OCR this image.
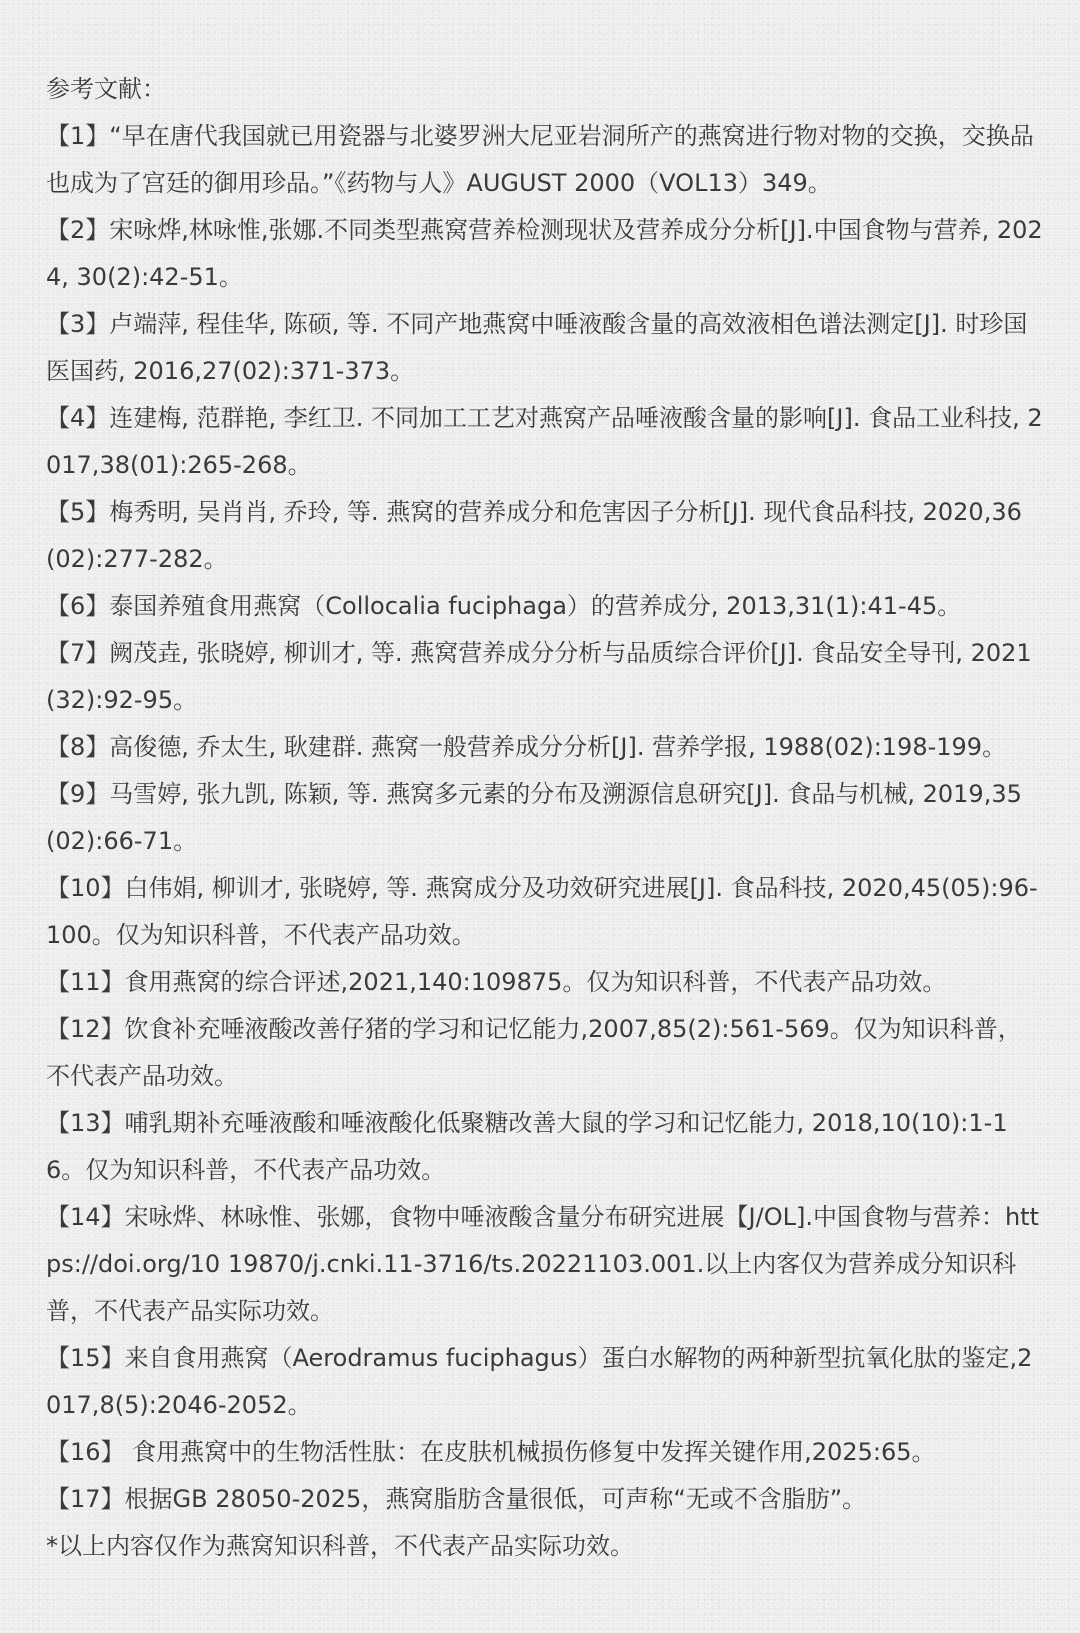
参考文献：

【1】“早在唐代我国就已用瓷器与北婆罗洲大尼亚岩洞所产的燕窝进行物对物的交换，交换品也成为了宫廷的御用珍品。”《药物与人》AUGUST 2000（VOL13）349。
【2】宋咏烨,林咏惟,张娜.不同类型燕窝营养检测现状及营养成分分析[J].中国食物与营养, 2024, 30(2):42-51。
【3】卢端萍, 程佳华, 陈硕, 等. 不同产地燕窝中唾液酸含量的高效液相色谱法测定[J]. 时珍国医国药, 2016,27(02):371-373。
【4】连建梅, 范群艳, 李红卫. 不同加工工艺对燕窝产品唾液酸含量的影响[J]. 食品工业科技, 2017,38(01):265-268。
【5】梅秀明, 吴肖肖, 乔玲, 等. 燕窝的营养成分和危害因子分析[J]. 现代食品科技, 2020,36(02):277-282。
【6】泰国养殖食用燕窝（Collocalia fuciphaga）的营养成分, 2013,31(1):41-45。
【7】阙茂垚, 张晓婷, 柳训才, 等. 燕窝营养成分分析与品质综合评价[J]. 食品安全导刊, 2021(32):92-95。
【8】高俊德, 乔太生, 耿建群. 燕窝一般营养成分分析[J]. 营养学报, 1988(02):198-199。
【9】马雪婷, 张九凯, 陈颖, 等. 燕窝多元素的分布及溯源信息研究[J]. 食品与机械, 2019,35(02):66-71。
【10】白伟娟, 柳训才, 张晓婷, 等. 燕窝成分及功效研究进展[J]. 食品科技, 2020,45(05):96-100。仅为知识科普，不代表产品功效。
【11】食用燕窝的综合评述,2021,140:109875。仅为知识科普，不代表产品功效。
【12】饮食补充唾液酸改善仔猪的学习和记忆能力,2007,85(2):561-569。仅为知识科普，不代表产品功效。
【13】哺乳期补充唾液酸和唾液酸化低聚糖改善大鼠的学习和记忆能力, 2018,10(10):1-16。仅为知识科普，不代表产品功效。
【14】宋咏烨、林咏惟、张娜，食物中唾液酸含量分布研究进展【J/OL].中国食物与营养：https://doi.org/10 19870/j.cnki.11-3716/ts.20221103.001.以上内客仅为营养成分知识科普，不代表产品实际功效。
【15】来自食用燕窝（Aerodramus fuciphagus）蛋白水解物的两种新型抗氧化肽的鉴定,2017,8(5):2046-2052。
【16】 食用燕窝中的生物活性肽：在皮肤机械损伤修复中发挥关键作用,2025:65。
【17】根据GB 28050-2025，燕窝脂肪含量很低，可声称“无或不含脂肪”。

*以上内容仅作为燕窝知识科普，不代表产品实际功效。
